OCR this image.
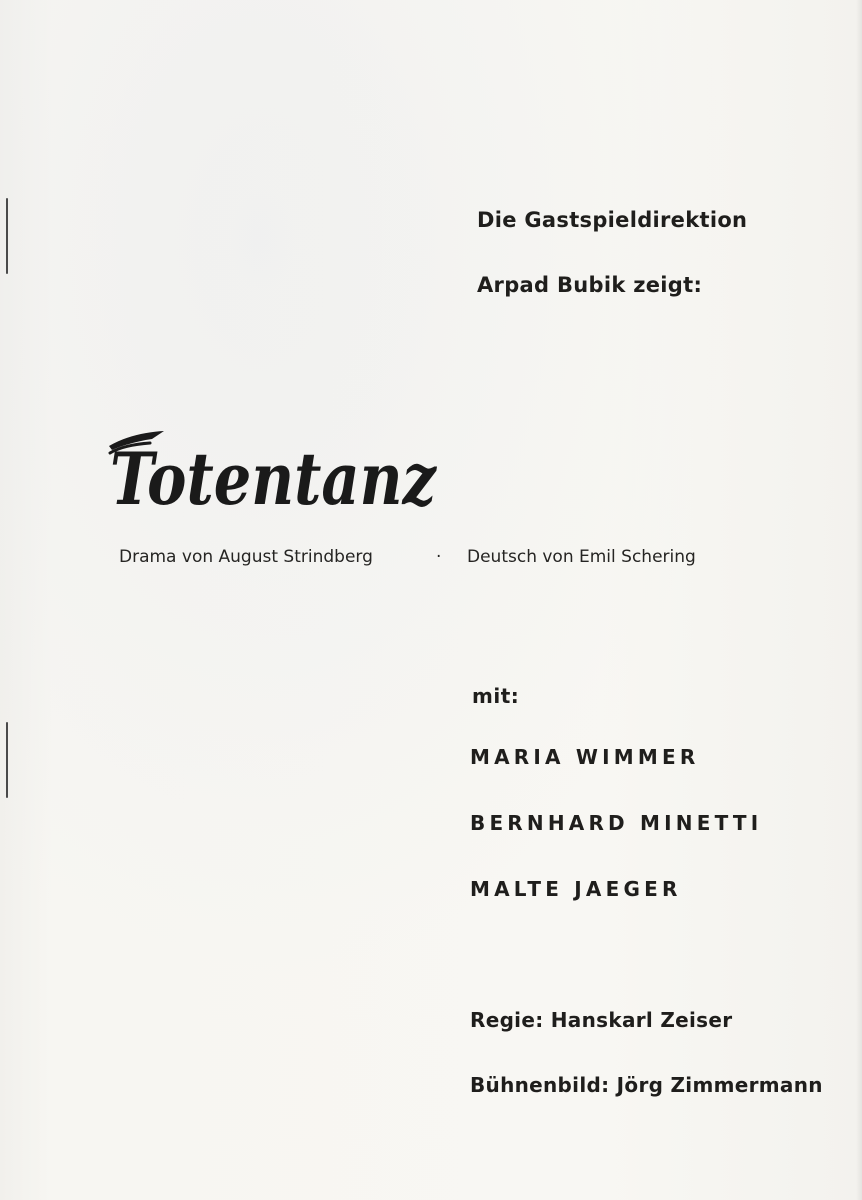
Die Gastspieldirektion
Arpad Bubik zeigt:
Totentanz
Drama von August Strindberg	· Deutsch von Emil Schering
mit:
MARIA WIMMER
BERNHARD MINETTI
MALTE JAEGER
Regie: Hanskarl Zeiser
Bühnenbild: Jörg Zimmermann
